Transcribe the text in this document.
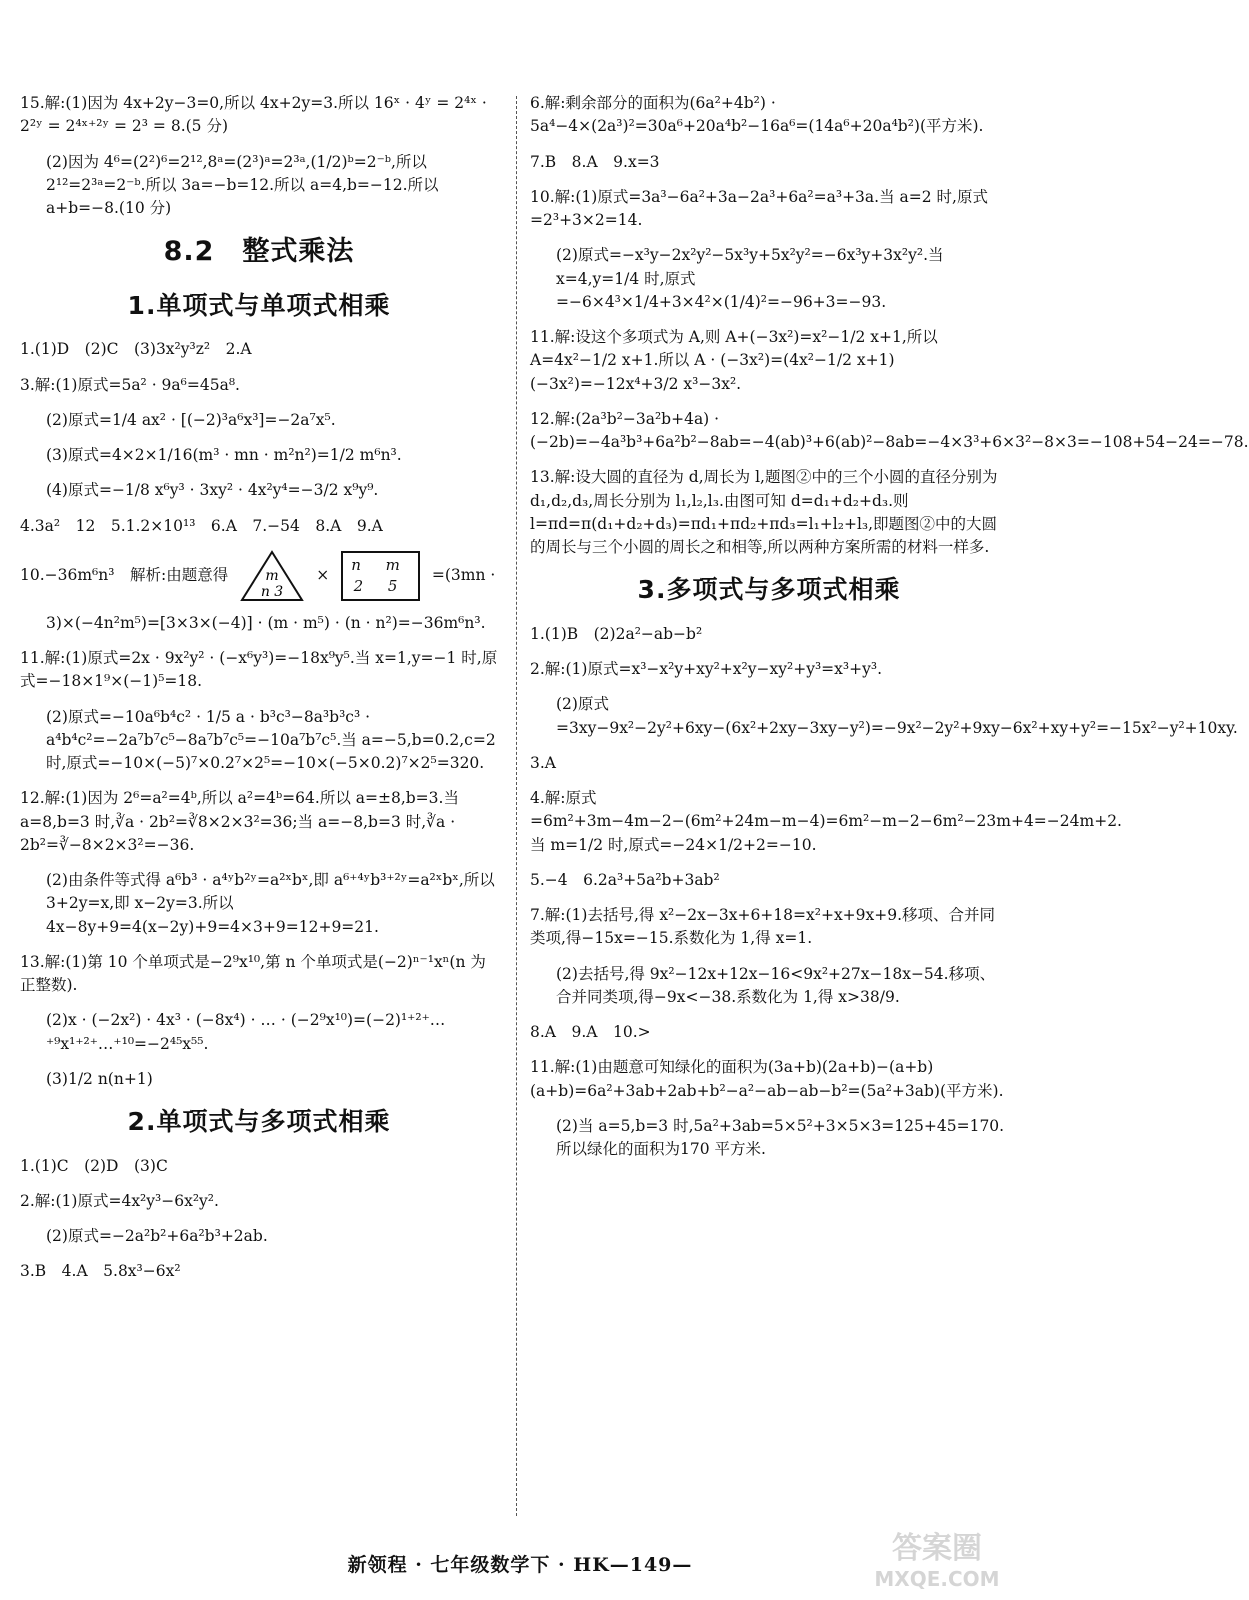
15.解:(1)因为 4x+2y−3=0,所以 4x+2y=3.所以 16ˣ · 4ʸ = 2⁴ˣ · 2²ʸ = 2⁴ˣ⁺²ʸ = 2³ = 8.(5 分)

(2)因为 4⁶=(2²)⁶=2¹²,8ᵃ=(2³)ᵃ=2³ᵃ,(1/2)ᵇ=2⁻ᵇ,所以 2¹²=2³ᵃ=2⁻ᵇ.所以 3a=−b=12.所以 a=4,b=−12.所以 a+b=−8.(10 分)

8.2　整式乘法
1.单项式与单项式相乘

1.(1)D　(2)C　(3)3x²y³z²　2.A

3.解:(1)原式=5a² · 9a⁶=45a⁸.

(2)原式=1/4 ax² · [(−2)³a⁶x³]=−2a⁷x⁵.

(3)原式=4×2×1/16(m³ · mn · m²n²)=1/2 m⁶n³.

(4)原式=−1/8 x⁶y³ · 3xy² · 4x²y⁴=−3/2 x⁹y⁹.

4.3a²　12　5.1.2×10¹³　6.A　7.−54　8.A　9.A

10.−36m⁶n³　解析:由题意得	m
n 3
×
n m
2 5
=(3mn ·

3)×(−4n²m⁵)=[3×3×(−4)] · (m · m⁵) · (n · n²)=−36m⁶n³.

11.解:(1)原式=2x · 9x²y² · (−x⁶y³)=−18x⁹y⁵.当 x=1,y=−1 时,原式=−18×1⁹×(−1)⁵=18.

(2)原式=−10a⁶b⁴c² · 1/5 a · b³c³−8a³b³c³ · a⁴b⁴c²=−2a⁷b⁷c⁵−8a⁷b⁷c⁵=−10a⁷b⁷c⁵.当 a=−5,b=0.2,c=2 时,原式=−10×(−5)⁷×0.2⁷×2⁵=−10×(−5×0.2)⁷×2⁵=320.

12.解:(1)因为 2⁶=a²=4ᵇ,所以 a²=4ᵇ=64.所以 a=±8,b=3.当 a=8,b=3 时,∛a · 2b²=∛8×2×3²=36;当 a=−8,b=3 时,∛a · 2b²=∛−8×2×3²=−36.

(2)由条件等式得 a⁶b³ · a⁴ʸb²ʸ=a²ˣbˣ,即 a⁶⁺⁴ʸb³⁺²ʸ=a²ˣbˣ,所以 3+2y=x,即 x−2y=3.所以 4x−8y+9=4(x−2y)+9=4×3+9=12+9=21.

13.解:(1)第 10 个单项式是−2⁹x¹⁰,第 n 个单项式是(−2)ⁿ⁻¹xⁿ(n 为正整数).

(2)x · (−2x²) · 4x³ · (−8x⁴) · … · (−2⁹x¹⁰)=(−2)¹⁺²⁺…⁺⁹x¹⁺²⁺…⁺¹⁰=−2⁴⁵x⁵⁵.

(3)1/2 n(n+1)

2.单项式与多项式相乘

1.(1)C　(2)D　(3)C

2.解:(1)原式=4x²y³−6x²y².

(2)原式=−2a²b²+6a²b³+2ab.

3.B　4.A　5.8x³−6x²

6.解:剩余部分的面积为(6a²+4b²) · 5a⁴−4×(2a³)²=30a⁶+20a⁴b²−16a⁶=(14a⁶+20a⁴b²)(平方米).

7.B　8.A　9.x=3

10.解:(1)原式=3a³−6a²+3a−2a³+6a²=a³+3a.当 a=2 时,原式=2³+3×2=14.

(2)原式=−x³y−2x²y²−5x³y+5x²y²=−6x³y+3x²y².当 x=4,y=1/4 时,原式=−6×4³×1/4+3×4²×(1/4)²=−96+3=−93.

11.解:设这个多项式为 A,则 A+(−3x²)=x²−1/2 x+1,所以 A=4x²−1/2 x+1.所以 A · (−3x²)=(4x²−1/2 x+1)(−3x²)=−12x⁴+3/2 x³−3x².

12.解:(2a³b²−3a²b+4a) · (−2b)=−4a³b³+6a²b²−8ab=−4(ab)³+6(ab)²−8ab=−4×3³+6×3²−8×3=−108+54−24=−78.

13.解:设大圆的直径为 d,周长为 l,题图②中的三个小圆的直径分别为 d₁,d₂,d₃,周长分别为 l₁,l₂,l₃.由图可知 d=d₁+d₂+d₃.则 l=πd=π(d₁+d₂+d₃)=πd₁+πd₂+πd₃=l₁+l₂+l₃,即题图②中的大圆的周长与三个小圆的周长之和相等,所以两种方案所需的材料一样多.

3.多项式与多项式相乘

1.(1)B　(2)2a²−ab−b²

2.解:(1)原式=x³−x²y+xy²+x²y−xy²+y³=x³+y³.

(2)原式=3xy−9x²−2y²+6xy−(6x²+2xy−3xy−y²)=−9x²−2y²+9xy−6x²+xy+y²=−15x²−y²+10xy.

3.A

4.解:原式=6m²+3m−4m−2−(6m²+24m−m−4)=6m²−m−2−6m²−23m+4=−24m+2.当 m=1/2 时,原式=−24×1/2+2=−10.

5.−4　6.2a³+5a²b+3ab²

7.解:(1)去括号,得 x²−2x−3x+6+18=x²+x+9x+9.移项、合并同类项,得−15x=−15.系数化为 1,得 x=1.

(2)去括号,得 9x²−12x+12x−16<9x²+27x−18x−54.移项、合并同类项,得−9x<−38.系数化为 1,得 x>38/9.

8.A　9.A　10.>

11.解:(1)由题意可知绿化的面积为(3a+b)(2a+b)−(a+b)(a+b)=6a²+3ab+2ab+b²−a²−ab−ab−b²=(5a²+3ab)(平方米).

(2)当 a=5,b=3 时,5a²+3ab=5×5²+3×5×3=125+45=170.所以绿化的面积为170 平方米.

新领程 · 七年级数学下 · HK—149—	答案圈
MXQE.COM
